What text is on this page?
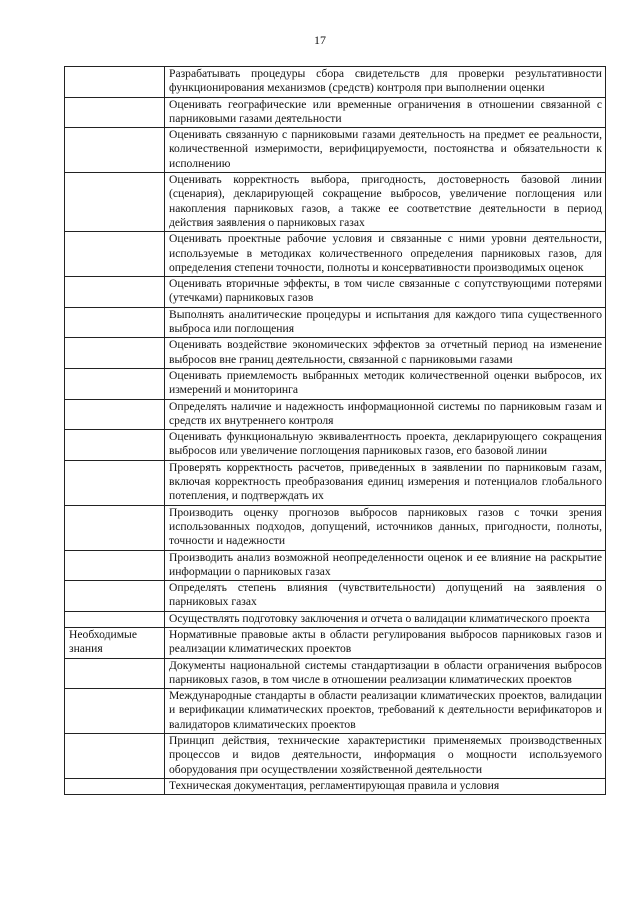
17
	Разрабатывать процедуры сбора свидетельств для проверки результативности функционирования механизмов (средств) контроля при выполнении оценки
	Оценивать географические или временные ограничения в отношении связанной с парниковыми газами деятельности
	Оценивать связанную с парниковыми газами деятельность на предмет ее реальности, количественной измеримости, верифицируемости, постоянства и обязательности к исполнению
	Оценивать корректность выбора, пригодность, достоверность базовой линии (сценария), декларирующей сокращение выбросов, увеличение поглощения или накопления парниковых газов, а также ее соответствие деятельности в период действия заявления о парниковых газах
	Оценивать проектные рабочие условия и связанные с ними уровни деятельности, используемые в методиках количественного определения парниковых газов, для определения степени точности, полноты и консервативности производимых оценок
	Оценивать вторичные эффекты, в том числе связанные с сопутствующими потерями (утечками) парниковых газов
	Выполнять аналитические процедуры и испытания для каждого типа существенного выброса или поглощения
	Оценивать воздействие экономических эффектов за отчетный период на изменение выбросов вне границ деятельности, связанной с парниковыми газами
	Оценивать приемлемость выбранных методик количественной оценки выбросов, их измерений и мониторинга
	Определять наличие и надежность информационной системы по парниковым газам и средств их внутреннего контроля
	Оценивать функциональную эквивалентность проекта, декларирующего сокращения выбросов или увеличение поглощения парниковых газов, его базовой линии
	Проверять корректность расчетов, приведенных в заявлении по парниковым газам, включая корректность преобразования единиц измерения и потенциалов глобального потепления, и подтверждать их
	Производить оценку прогнозов выбросов парниковых газов с точки зрения использованных подходов, допущений, источников данных, пригодности, полноты, точности и надежности
	Производить анализ возможной неопределенности оценок и ее влияние на раскрытие информации о парниковых газах
	Определять степень влияния (чувствительности) допущений на заявления о парниковых газах
	Осуществлять подготовку заключения и отчета о валидации климатического проекта
Необходимые знания	Нормативные правовые акты в области регулирования выбросов парниковых газов и реализации климатических проектов
	Документы национальной системы стандартизации в области ограничения выбросов парниковых газов, в том числе в отношении реализации климатических проектов
	Международные стандарты в области реализации климатических проектов, валидации и верификации климатических проектов, требований к деятельности верификаторов и валидаторов климатических проектов
	Принцип действия, технические характеристики применяемых производственных процессов и видов деятельности, информация о мощности используемого оборудования при осуществлении хозяйственной деятельности
	Техническая документация, регламентирующая правила и условия
